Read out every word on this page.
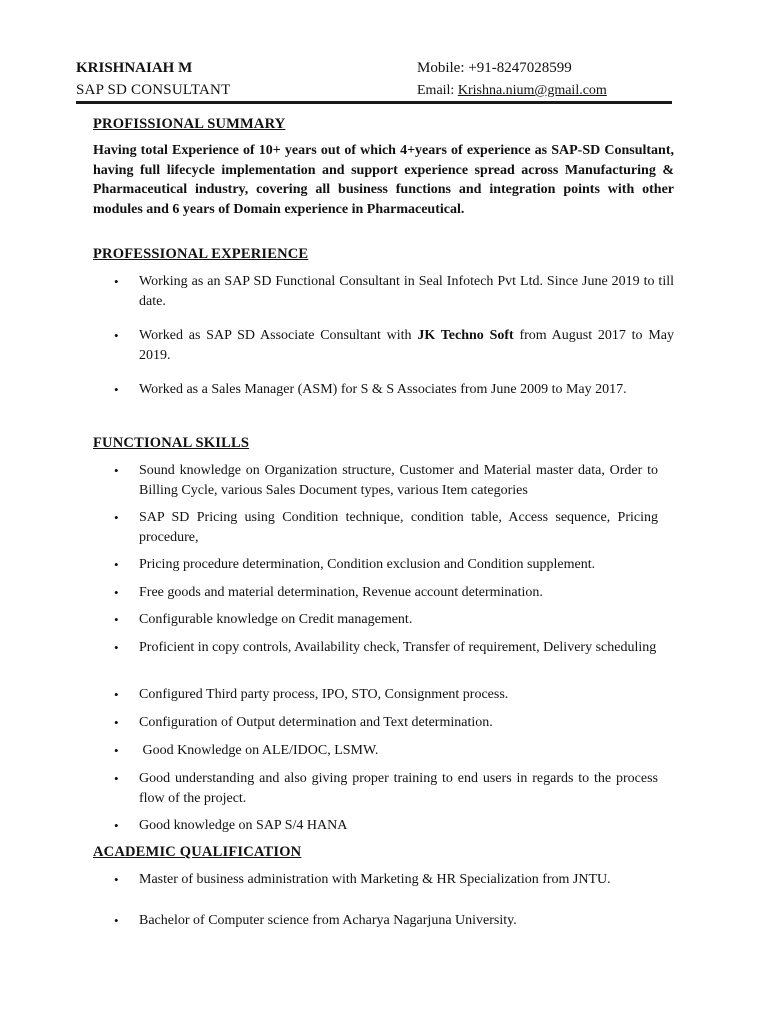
KRISHNAIAH M
SAP SD CONSULTANT
Mobile: +91-8247028599
Email: Krishna.nium@gmail.com
PROFISSIONAL SUMMARY
Having total Experience of 10+ years out of which 4+years of experience as SAP-SD Consultant, having full lifecycle implementation and support experience spread across Manufacturing & Pharmaceutical industry, covering all business functions and integration points with other modules and 6 years of Domain experience in Pharmaceutical.
PROFESSIONAL EXPERIENCE
• Working as an SAP SD Functional Consultant in Seal Infotech Pvt Ltd. Since June 2019 to till date.
• Worked as SAP SD Associate Consultant with JK Techno Soft from August 2017 to May 2019.
• Worked as a Sales Manager (ASM) for S & S Associates from June 2009 to May 2017.
FUNCTIONAL SKILLS
• Sound knowledge on Organization structure, Customer and Material master data, Order to Billing Cycle, various Sales Document types, various Item categories
• SAP SD Pricing using Condition technique, condition table, Access sequence, Pricing procedure,
• Pricing procedure determination, Condition exclusion and Condition supplement.
• Free goods and material determination, Revenue account determination.
• Configurable knowledge on Credit management.
• Proficient in copy controls, Availability check, Transfer of requirement, Delivery scheduling
• Configured Third party process, IPO, STO, Consignment process.
• Configuration of Output determination and Text determination.
• Good Knowledge on ALE/IDOC, LSMW.
• Good understanding and also giving proper training to end users in regards to the process flow of the project.
• Good knowledge on SAP S/4 HANA
ACADEMIC QUALIFICATION
• Master of business administration with Marketing & HR Specialization from JNTU.
• Bachelor of Computer science from Acharya Nagarjuna University.
